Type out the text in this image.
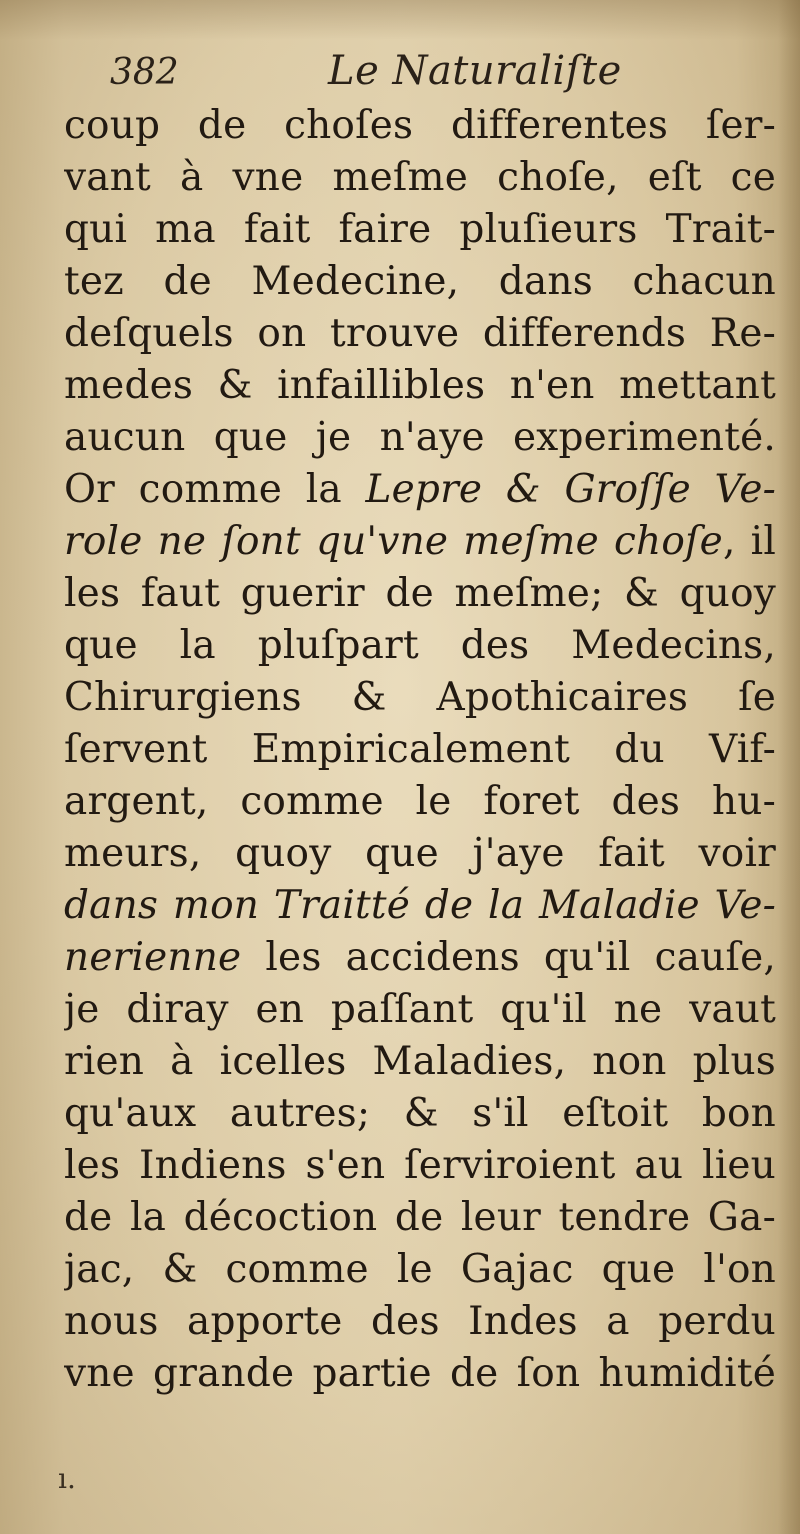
382	Le Naturaliſte
coup de choſes differentes ſer-
vant à vne meſme choſe, eſt ce
qui ma fait faire pluſieurs Trait-
tez de Medecine, dans chacun
deſquels on trouve differends Re-
medes & infaillibles n'en mettant
aucun que je n'aye experimenté.
Or comme la Lepre & Groſſe Ve-
role ne ſont qu'vne meſme choſe, il
les faut guerir de meſme; & quoy
que la pluſpart des Medecins,
Chirurgiens & Apothicaires ſe
ſervent Empiricalement du Vif-
argent, comme le foret des hu-
meurs, quoy que j'aye fait voir
dans mon Traitté de la Maladie Ve-
nerienne les accidens qu'il cauſe,
je diray en paſſant qu'il ne vaut
rien à icelles Maladies, non plus
qu'aux autres; & s'il eſtoit bon
les Indiens s'en ſerviroient au lieu
de la décoction de leur tendre Ga-
jac, & comme le Gajac que l'on
nous apporte des Indes a perdu
vne grande partie de ſon humidité
ı.
